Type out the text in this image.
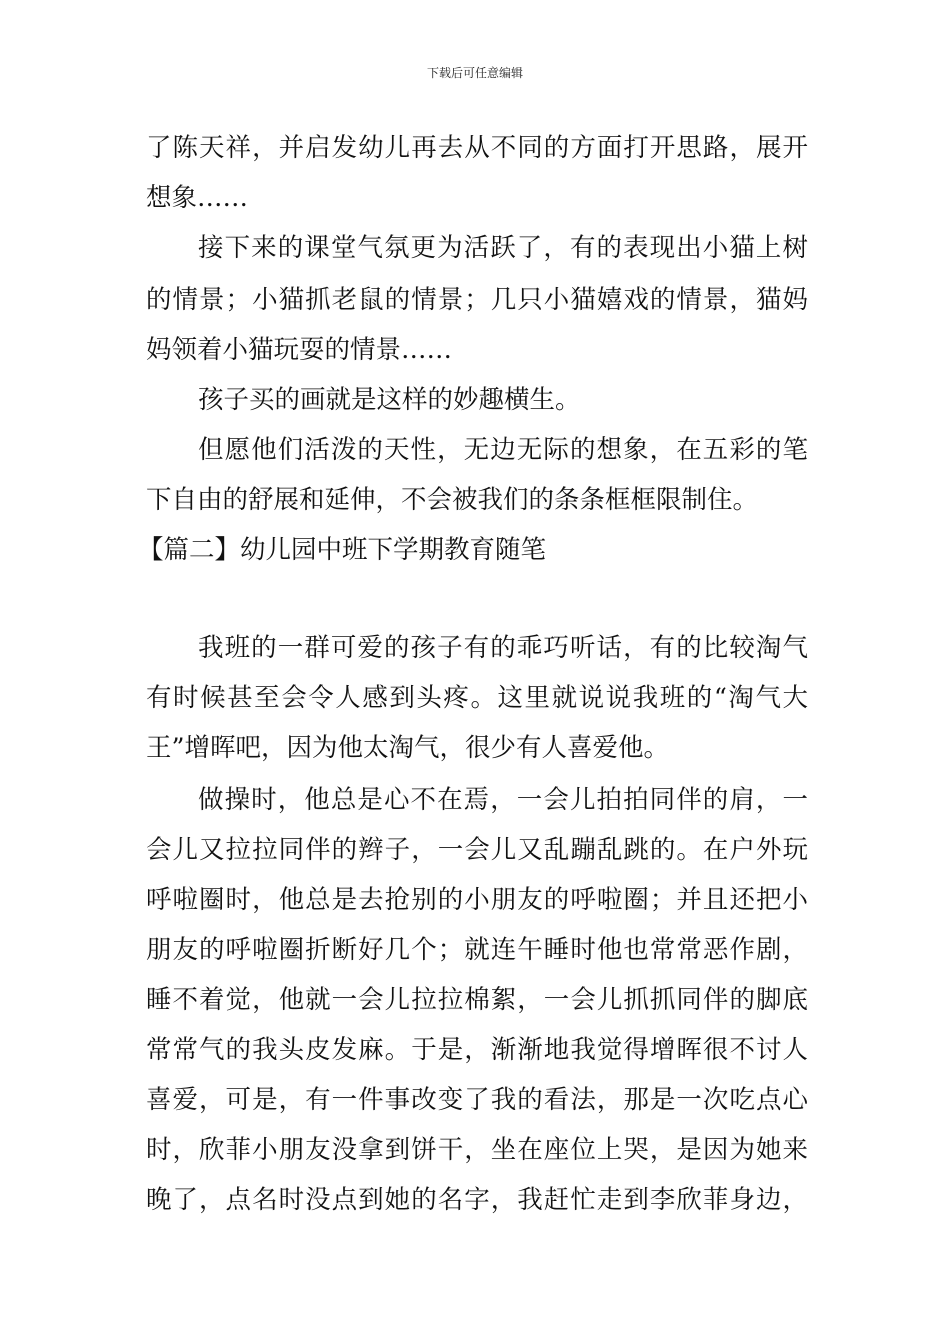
下载后可任意编辑
了陈天祥，并启发幼儿再去从不同的方面打开思路，展开
想象……
接下来的课堂气氛更为活跃了，有的表现出小猫上树
的情景；小猫抓老鼠的情景；几只小猫嬉戏的情景，猫妈
妈领着小猫玩耍的情景……
孩子买的画就是这样的妙趣横生。
但愿他们活泼的天性，无边无际的想象，在五彩的笔
下自由的舒展和延伸，不会被我们的条条框框限制住。
【篇二】幼儿园中班下学期教育随笔
我班的一群可爱的孩子有的乖巧听话，有的比较淘气
有时候甚至会令人感到头疼。这里就说说我班的“淘气大
王”增晖吧，因为他太淘气，很少有人喜爱他。
做操时，他总是心不在焉，一会儿拍拍同伴的肩，一
会儿又拉拉同伴的辫子，一会儿又乱蹦乱跳的。在户外玩
呼啦圈时，他总是去抢别的小朋友的呼啦圈；并且还把小
朋友的呼啦圈折断好几个；就连午睡时他也常常恶作剧，
睡不着觉，他就一会儿拉拉棉絮，一会儿抓抓同伴的脚底
常常气的我头皮发麻。于是，渐渐地我觉得增晖很不讨人
喜爱，可是，有一件事改变了我的看法，那是一次吃点心
时，欣菲小朋友没拿到饼干，坐在座位上哭，是因为她来
晚了，点名时没点到她的名字，我赶忙走到李欣菲身边，
